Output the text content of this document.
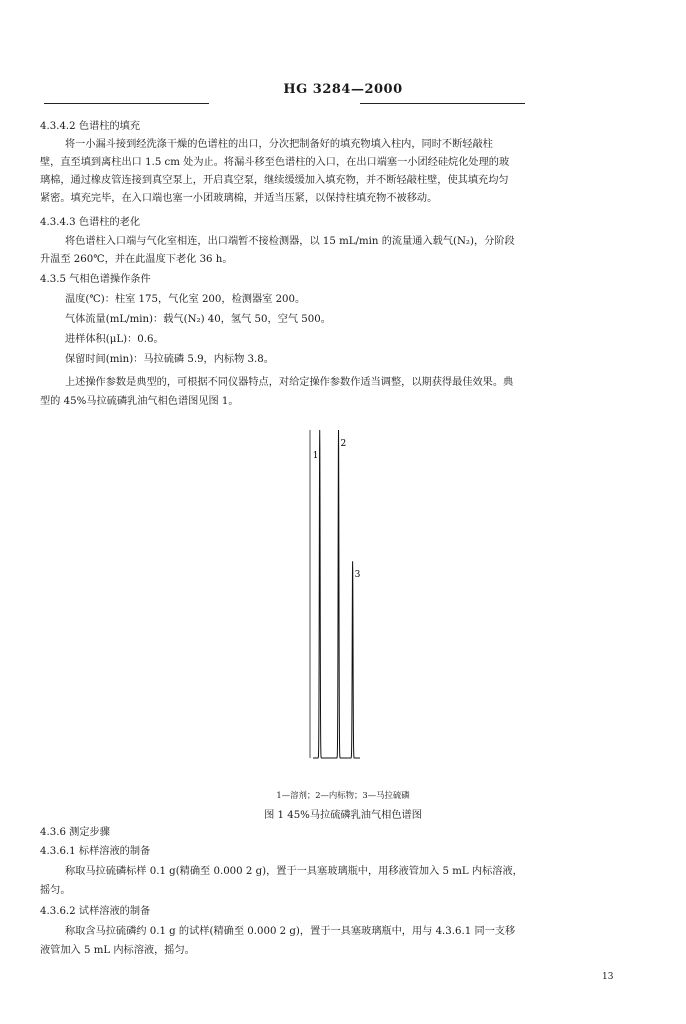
HG 3284—2000
4.3.4.2 色谱柱的填充
将一小漏斗接到经洗涤干燥的色谱柱的出口，分次把制备好的填充物填入柱内，同时不断轻敲柱
壁，直至填到离柱出口 1.5 cm 处为止。将漏斗移至色谱柱的入口，在出口端塞一小团经硅烷化处理的玻
璃棉，通过橡皮管连接到真空泵上，开启真空泵，继续缓缓加入填充物，并不断轻敲柱壁，使其填充均匀
紧密。填充完毕，在入口端也塞一小团玻璃棉，并适当压紧，以保持柱填充物不被移动。
4.3.4.3 色谱柱的老化
将色谱柱入口端与气化室相连，出口端暂不接检测器，以 15 mL/min 的流量通入载气(N₂)，分阶段
升温至 260℃，并在此温度下老化 36 h。
4.3.5 气相色谱操作条件
温度(℃)：柱室 175，气化室 200，检测器室 200。
气体流量(mL/min)：载气(N₂) 40，氢气 50，空气 500。
进样体积(μL)：0.6。
保留时间(min)：马拉硫磷 5.9，内标物 3.8。
上述操作参数是典型的，可根据不同仪器特点，对给定操作参数作适当调整，以期获得最佳效果。典
型的 45%马拉硫磷乳油气相色谱图见图 1。
1
2
3
1—溶剂；2—内标物；3—马拉硫磷
图 1 45%马拉硫磷乳油气相色谱图
4.3.6 测定步骤
4.3.6.1 标样溶液的制备
称取马拉硫磷标样 0.1 g(精确至 0.000 2 g)，置于一具塞玻璃瓶中，用移液管加入 5 mL 内标溶液，
摇匀。
4.3.6.2 试样溶液的制备
称取含马拉硫磷约 0.1 g 的试样(精确至 0.000 2 g)，置于一具塞玻璃瓶中，用与 4.3.6.1 同一支移
液管加入 5 mL 内标溶液，摇匀。
13
